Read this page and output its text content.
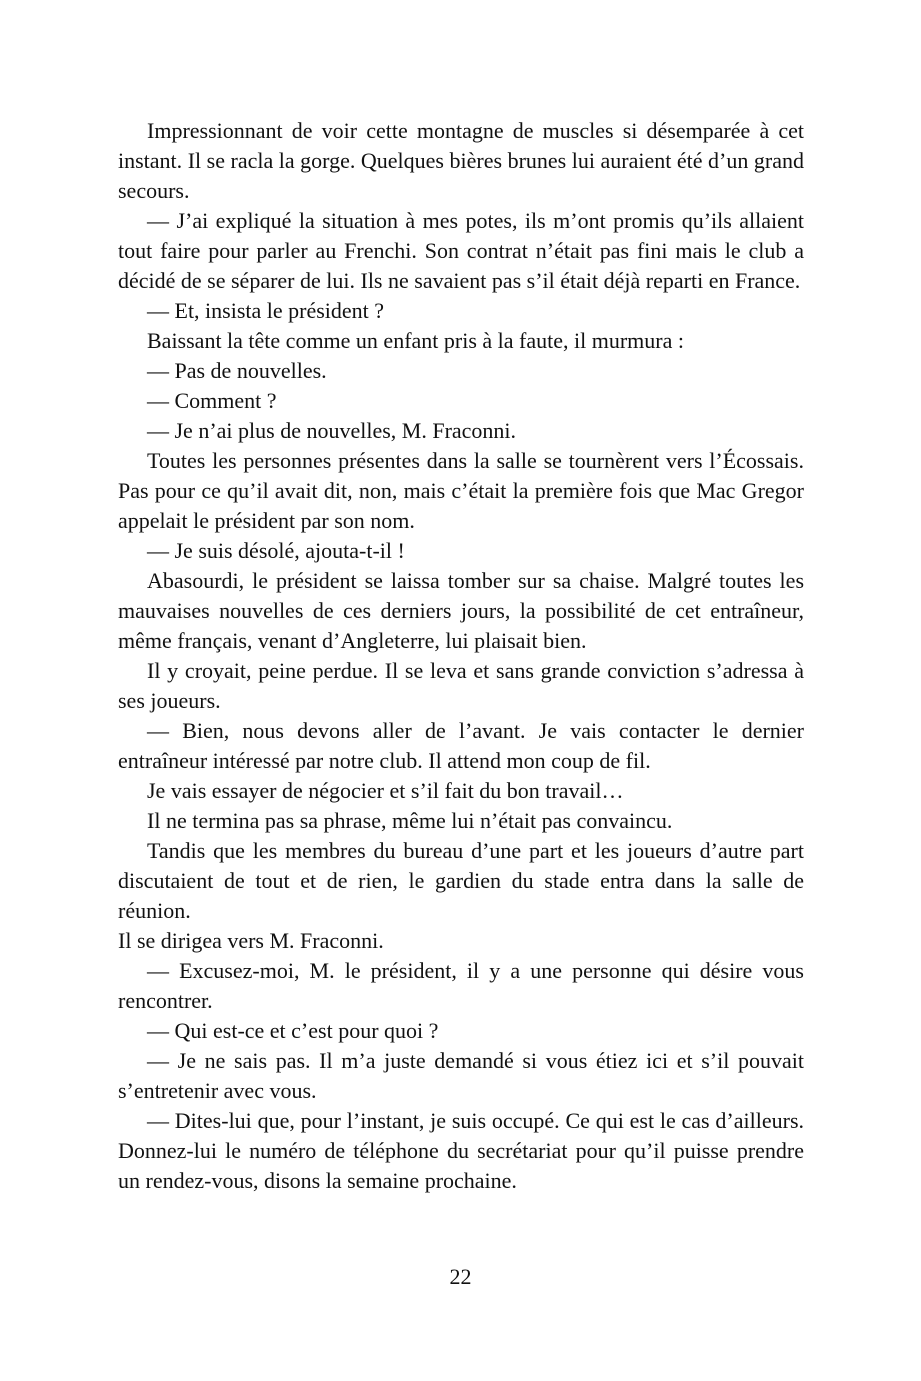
Impressionnant de voir cette montagne de muscles si désemparée à cet instant. Il se racla la gorge. Quelques bières brunes lui auraient été d’un grand secours.

— J’ai expliqué la situation à mes potes, ils m’ont promis qu’ils allaient tout faire pour parler au Frenchi. Son contrat n’était pas fini mais le club a décidé de se séparer de lui. Ils ne savaient pas s’il était déjà reparti en France.

— Et, insista le président ?

Baissant la tête comme un enfant pris à la faute, il murmura :

— Pas de nouvelles.

— Comment ?

— Je n’ai plus de nouvelles, M. Fraconni.

Toutes les personnes présentes dans la salle se tournèrent vers l’Écossais. Pas pour ce qu’il avait dit, non, mais c’était la première fois que Mac Gregor appelait le président par son nom.

— Je suis désolé, ajouta-t-il !

Abasourdi, le président se laissa tomber sur sa chaise. Malgré toutes les mauvaises nouvelles de ces derniers jours, la possibilité de cet entraîneur, même français, venant d’Angleterre, lui plaisait bien.

Il y croyait, peine perdue. Il se leva et sans grande conviction s’adressa à ses joueurs.

— Bien, nous devons aller de l’avant. Je vais contacter le dernier entraîneur intéressé par notre club. Il attend mon coup de fil.

Je vais essayer de négocier et s’il fait du bon travail…

Il ne termina pas sa phrase, même lui n’était pas convaincu.

Tandis que les membres du bureau d’une part et les joueurs d’autre part discutaient de tout et de rien, le gardien du stade entra dans la salle de réunion.

Il se dirigea vers M. Fraconni.

— Excusez-moi, M. le président, il y a une personne qui désire vous rencontrer.

— Qui est-ce et c’est pour quoi ?

— Je ne sais pas. Il m’a juste demandé si vous étiez ici et s’il pouvait s’entretenir avec vous.

— Dites-lui que, pour l’instant, je suis occupé. Ce qui est le cas d’ailleurs. Donnez-lui le numéro de téléphone du secrétariat pour qu’il puisse prendre un rendez-vous, disons la semaine prochaine.

22
